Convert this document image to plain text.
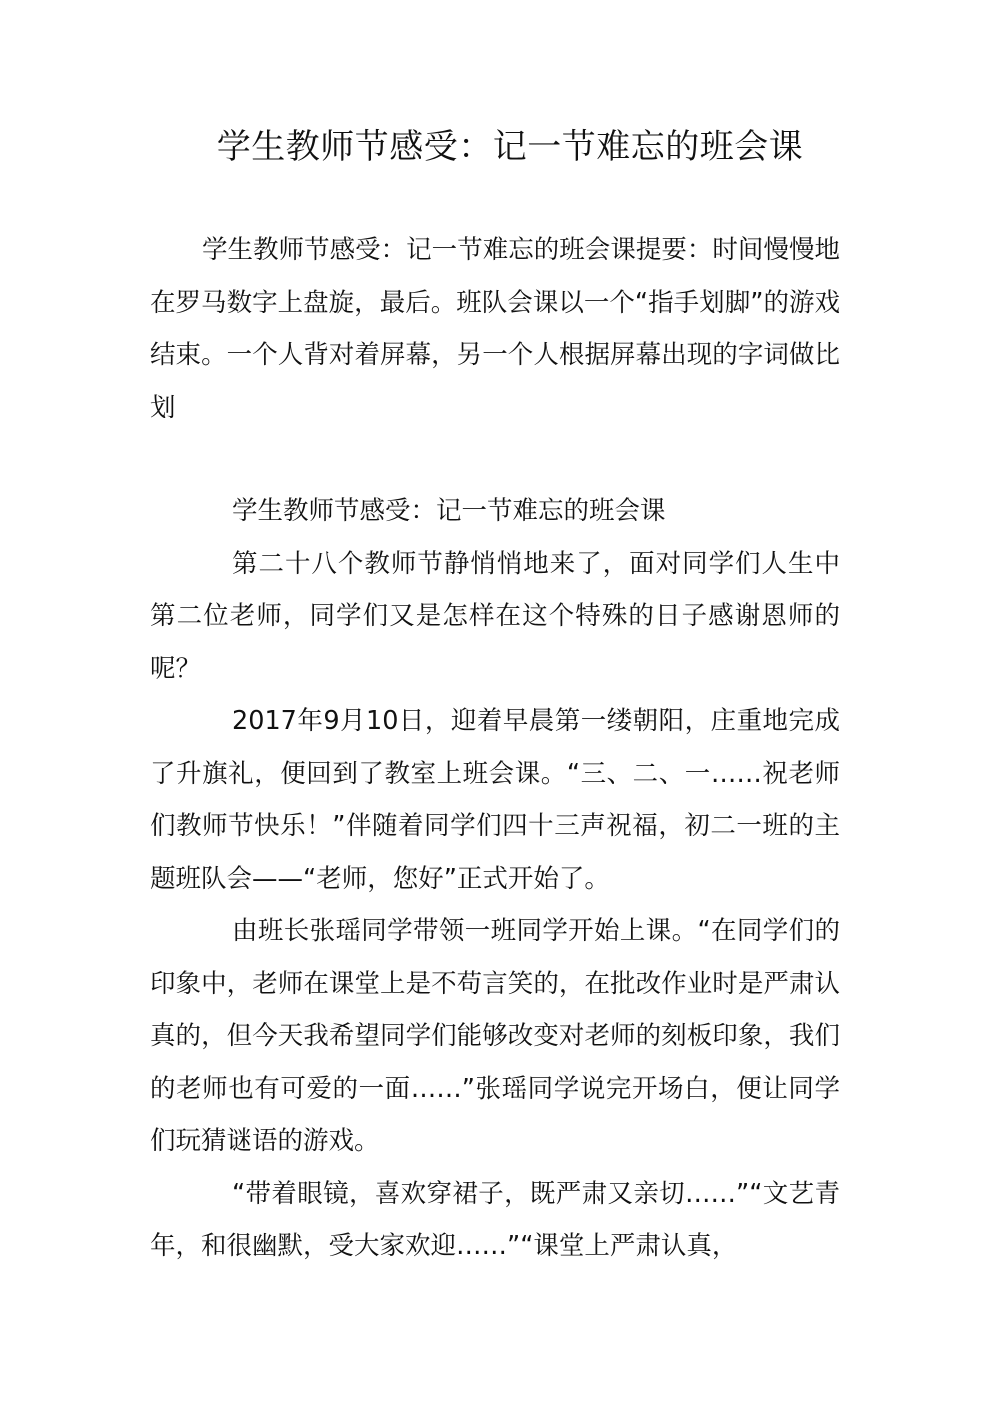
学生教师节感受：记一节难忘的班会课

学生教师节感受：记一节难忘的班会课提要：时间慢慢地在罗马数字上盘旋，最后。班队会课以一个“指手划脚”的游戏结束。一个人背对着屏幕，另一个人根据屏幕出现的字词做比划

学生教师节感受：记一节难忘的班会课

第二十八个教师节静悄悄地来了，面对同学们人生中第二位老师，同学们又是怎样在这个特殊的日子感谢恩师的呢？

2017年9月10日，迎着早晨第一缕朝阳，庄重地完成了升旗礼，便回到了教室上班会课。“三、二、一……祝老师们教师节快乐！”伴随着同学们四十三声祝福，初二一班的主题班队会——“老师，您好”正式开始了。

由班长张瑶同学带领一班同学开始上课。“在同学们的印象中，老师在课堂上是不苟言笑的，在批改作业时是严肃认真的，但今天我希望同学们能够改变对老师的刻板印象，我们的老师也有可爱的一面……”张瑶同学说完开场白，便让同学们玩猜谜语的游戏。

“带着眼镜，喜欢穿裙子，既严肃又亲切……”“文艺青年，和很幽默，受大家欢迎……”“课堂上严肃认真，
